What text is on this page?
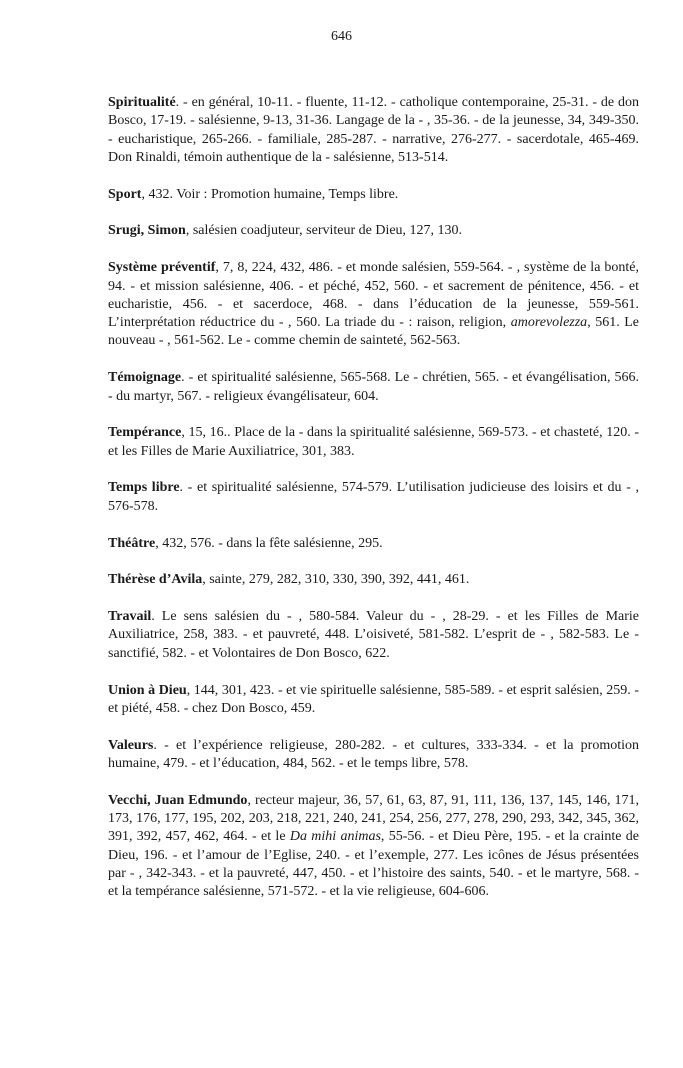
646

Spiritualité. - en général, 10-11. - fluente, 11-12. - catholique contemporaine, 25-31. - de don Bosco, 17-19. - salésienne, 9-13, 31-36. Langage de la - , 35-36. - de la jeunesse, 34, 349-350. - eucharistique, 265-266. - familiale, 285-287. - narrative, 276-277. - sacerdotale, 465-469. Don Rinaldi, témoin authentique de la - salésienne, 513-514.

Sport, 432. Voir : Promotion humaine, Temps libre.

Srugi, Simon, salésien coadjuteur, serviteur de Dieu, 127, 130.

Système préventif, 7, 8, 224, 432, 486. - et monde salésien, 559-564. - , système de la bonté, 94. - et mission salésienne, 406. - et péché, 452, 560. - et sacrement de pénitence, 456. - et eucharistie, 456. - et sacerdoce, 468. - dans l’éducation de la jeunesse, 559-561. L’interprétation réductrice du - , 560. La triade du - : raison, religion, amorevolezza, 561. Le nouveau - , 561-562. Le - comme chemin de sainteté, 562-563.

Témoignage. - et spiritualité salésienne, 565-568. Le - chrétien, 565. - et évangélisation, 566. - du martyr, 567. - religieux évangélisateur, 604.

Tempérance, 15, 16.. Place de la - dans la spiritualité salésienne, 569-573. - et chasteté, 120. - et les Filles de Marie Auxiliatrice, 301, 383.

Temps libre. - et spiritualité salésienne, 574-579. L’utilisation judicieuse des loisirs et du - , 576-578.

Théâtre, 432, 576. - dans la fête salésienne, 295.

Thérèse d’Avila, sainte, 279, 282, 310, 330, 390, 392, 441, 461.

Travail. Le sens salésien du - , 580-584. Valeur du - , 28-29. - et les Filles de Marie Auxiliatrice, 258, 383. - et pauvreté, 448. L’oisiveté, 581-582. L’esprit de - , 582-583. Le - sanctifié, 582. - et Volontaires de Don Bosco, 622.

Union à Dieu, 144, 301, 423. - et vie spirituelle salésienne, 585-589. - et esprit salésien, 259. - et piété, 458. - chez Don Bosco, 459.

Valeurs. - et l’expérience religieuse, 280-282. - et cultures, 333-334. - et la promotion humaine, 479. - et l’éducation, 484, 562. - et le temps libre, 578.

Vecchi, Juan Edmundo, recteur majeur, 36, 57, 61, 63, 87, 91, 111, 136, 137, 145, 146, 171, 173, 176, 177, 195, 202, 203, 218, 221, 240, 241, 254, 256, 277, 278, 290, 293, 342, 345, 362, 391, 392, 457, 462, 464. - et le Da mihi animas, 55-56. - et Dieu Père, 195. - et la crainte de Dieu, 196. - et l’amour de l’Eglise, 240. - et l’exemple, 277. Les icônes de Jésus présentées par - , 342-343. - et la pauvreté, 447, 450. - et l’histoire des saints, 540. - et le martyre, 568. - et la tempérance salésienne, 571-572. - et la vie religieuse, 604-606.
